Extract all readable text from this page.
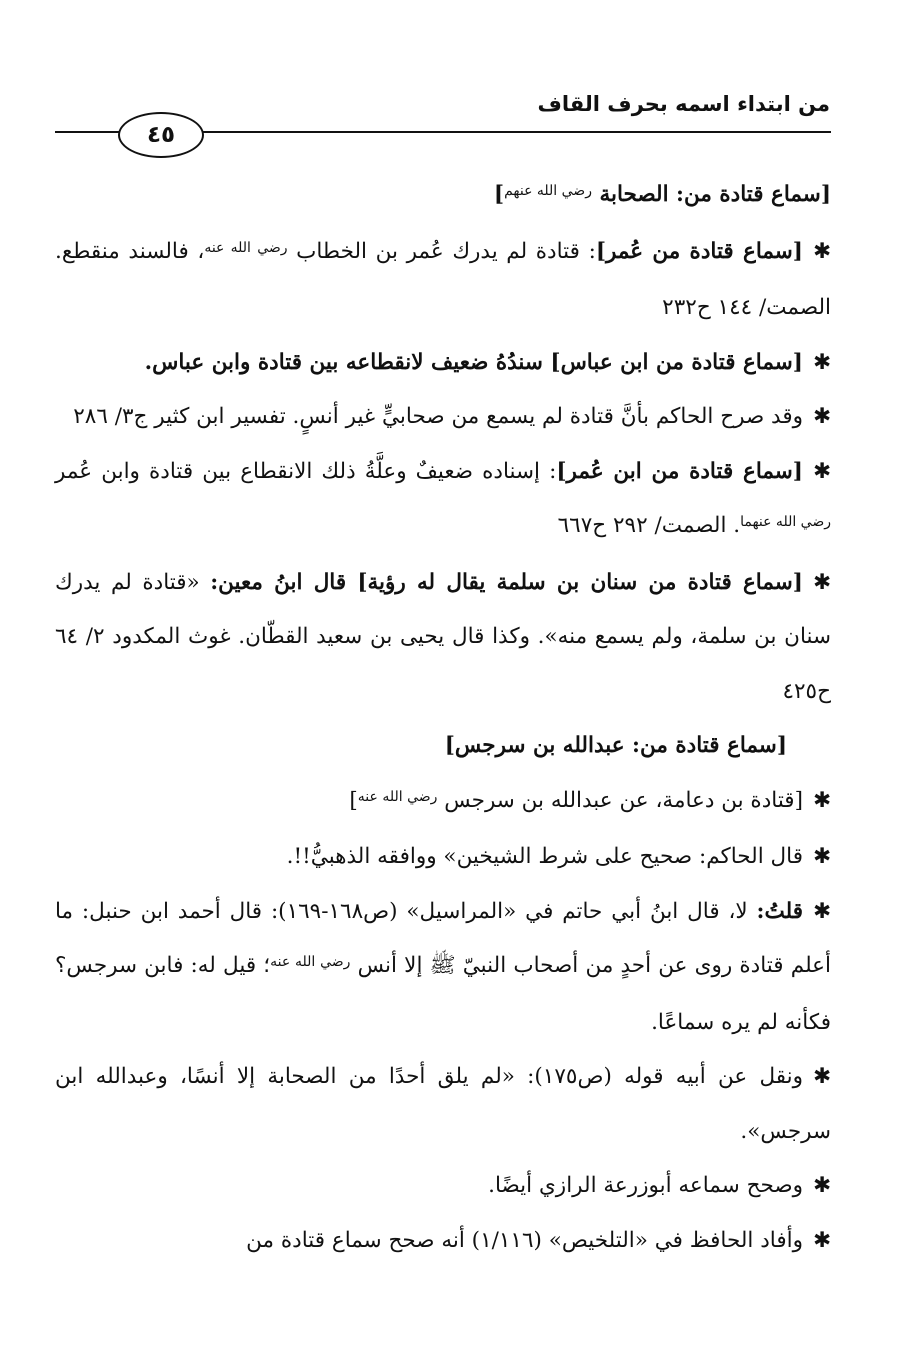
من ابتداء اسمه بحرف القاف
٤٥

[سماع قتادة من: الصحابة $^{رضي الله عنهم}$]

✱[سماع قتادة من عُمر]: قتادة لم يدرك عُمر بن الخطاب $^{رضي الله عنه}$، فالسند منقطع. الصمت/ ١٤٤ ح٢٣٢

✱[سماع قتادة من ابن عباس] سندُهُ ضعيف لانقطاعه بين قتادة وابن عباس.

✱وقد صرح الحاكم بأنَّ قتادة لم يسمع من صحابيٍّ غير أنسٍ. تفسير ابن كثير ج٣/ ٢٨٦

✱[سماع قتادة من ابن عُمر]: إسناده ضعيفٌ وعلَّةُ ذلك الانقطاع بين قتادة وابن عُمر $^{رضي الله عنهما}$. الصمت/ ٢٩٢ ح٦٦٧

✱[سماع قتادة من سنان بن سلمة يقال له رؤية] قال ابنُ معين: «قتادة لم يدرك سنان بن سلمة، ولم يسمع منه». وكذا قال يحيى بن سعيد القطّان. غوث المكدود ٢/ ٦٤ ح٤٢٥

[سماع قتادة من: عبدالله بن سرجس]

✱[قتادة بن دعامة، عن عبدالله بن سرجس $^{رضي الله عنه}$]

✱قال الحاكم: صحيح على شرط الشيخين» ووافقه الذهبيُّ!!.

✱قلتُ: لا، قال ابنُ أبي حاتم في «المراسيل» (ص١٦٨-١٦٩): قال أحمد ابن حنبل: ما أعلم قتادة روى عن أحدٍ من أصحاب النبيّ ﷺ إلا أنس $^{رضي الله عنه}$؛ قيل له: فابن سرجس؟ فكأنه لم يره سماعًا.

✱ونقل عن أبيه قوله (ص١٧٥): «لم يلق أحدًا من الصحابة إلا أنسًا، وعبدالله ابن سرجس».

✱وصحح سماعه أبوزرعة الرازي أيضًا.

✱وأفاد الحافظ في «التلخيص» (١/١١٦) أنه صحح سماع قتادة من
